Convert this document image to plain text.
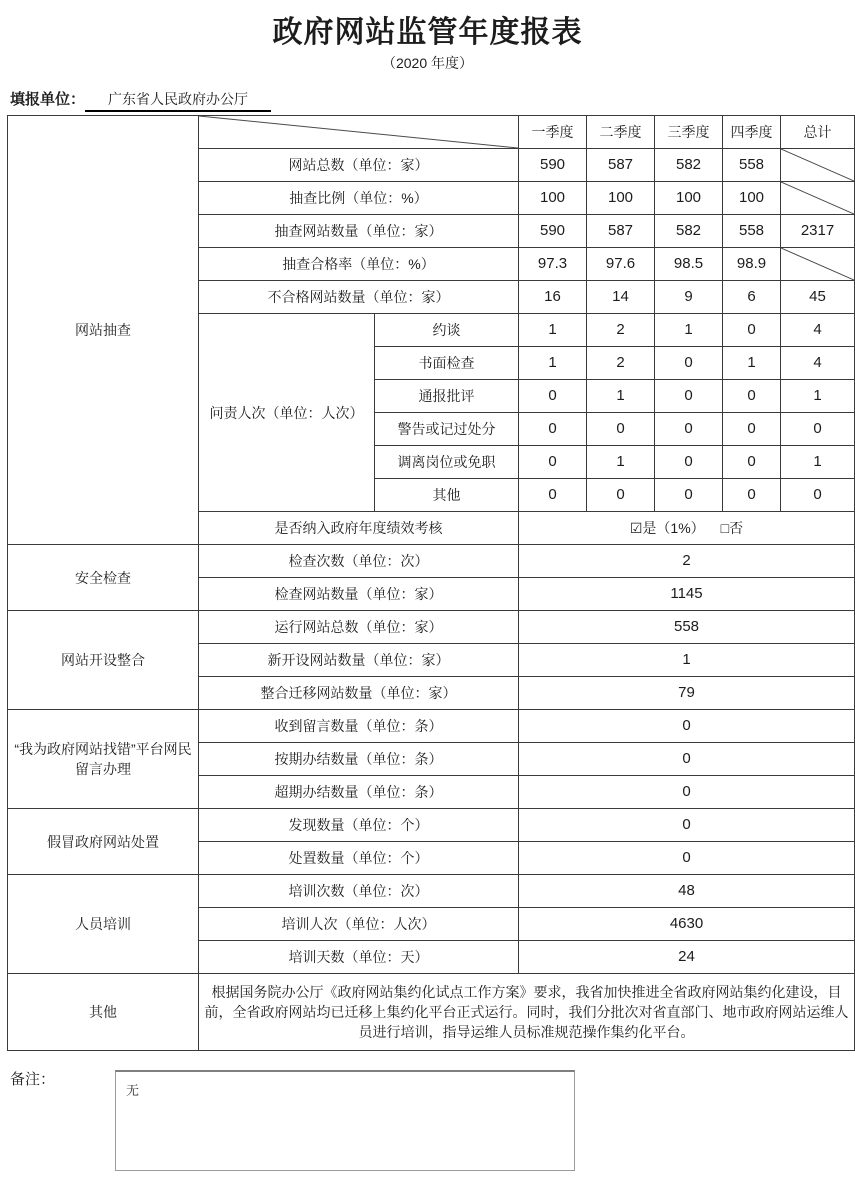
政府网站监管年度报表
（2020 年度）
填报单位： 广东省人民政府办公厅
网站抽查			一季度	二季度	三季度	四季度	总计
	网站总数（单位：家）		590	587	582	558	

	抽查比例（单位：%）		100	100	100	100	

	抽查网站数量（单位：家）		590	587	582	558	2317
	抽查合格率（单位：%）		97.3	97.6	98.5	98.9	

	不合格网站数量（单位：家）		16	14	9	6	45
	问责人次（单位：人次）	约谈	1	2	1	0	4
		书面检查	1	2	0	1	4
		通报批评	0	1	0	0	1
		警告或记过处分	0	0	0	0	0
		调离岗位或免职	0	1	0	0	1
		其他	0	0	0	0	0
	是否纳入政府年度绩效考核		☑是（1%） □否				
安全检查	检查次数（单位：次）		2				
	检查网站数量（单位：家）		1145				
网站开设整合	运行网站总数（单位：家）		558				
	新开设网站数量（单位：家）		1				
	整合迁移网站数量（单位：家）		79				
“我为政府网站找错”平台网民留言办理	收到留言数量（单位：条）		0				
	按期办结数量（单位：条）		0				
	超期办结数量（单位：条）		0				
假冒政府网站处置	发现数量（单位：个）		0				
	处置数量（单位：个）		0				
人员培训	培训次数（单位：次）		48				
	培训人次（单位：人次）		4630				
	培训天数（单位：天）		24				
其他	根据国务院办公厅《政府网站集约化试点工作方案》要求，我省加快推进全省政府网站集约化建设，目前，全省政府网站均已迁移上集约化平台正式运行。同时，我们分批次对省直部门、地市政府网站运维人员进行培训，指导运维人员标准规范操作集约化平台。						
备注：
无
